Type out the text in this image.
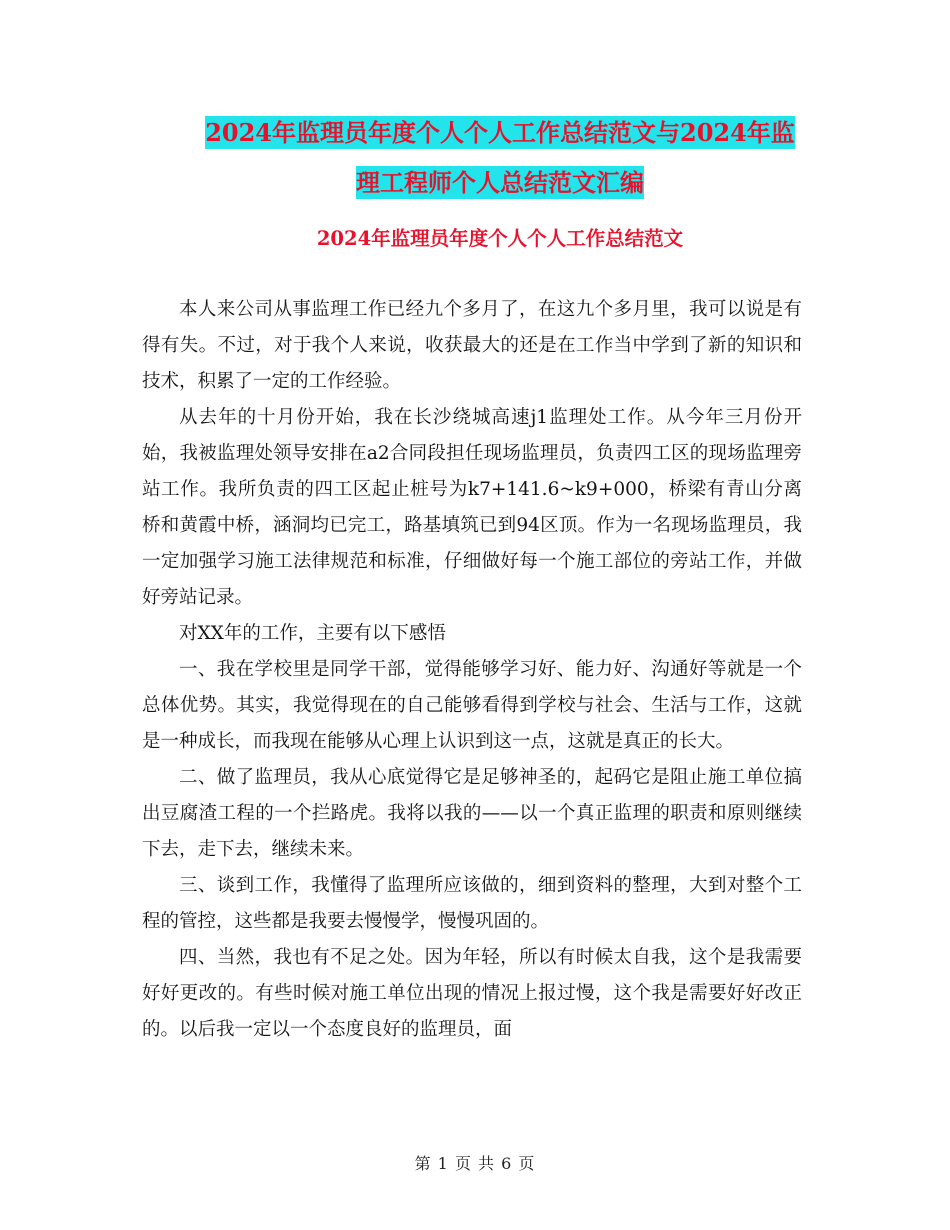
2024年监理员年度个人个人工作总结范文与2024年监
理工程师个人总结范文汇编
2024年监理员年度个人个人工作总结范文

本人来公司从事监理工作已经九个多月了，在这九个多月里，我可以说是有得有失。不过，对于我个人来说，收获最大的还是在工作当中学到了新的知识和技术，积累了一定的工作经验。

从去年的十月份开始，我在长沙绕城高速j1监理处工作。从今年三月份开始，我被监理处领导安排在a2合同段担任现场监理员，负责四工区的现场监理旁站工作。我所负责的四工区起止桩号为k7+141.6~k9+000，桥梁有青山分离桥和黄霞中桥，涵洞均已完工，路基填筑已到94区顶。作为一名现场监理员，我一定加强学习施工法律规范和标准，仔细做好每一个施工部位的旁站工作，并做好旁站记录。

对XX年的工作，主要有以下感悟

一、我在学校里是同学干部，觉得能够学习好、能力好、沟通好等就是一个总体优势。其实，我觉得现在的自己能够看得到学校与社会、生活与工作，这就是一种成长，而我现在能够从心理上认识到这一点，这就是真正的长大。

二、做了监理员，我从心底觉得它是足够神圣的，起码它是阻止施工单位搞出豆腐渣工程的一个拦路虎。我将以我的——以一个真正监理的职责和原则继续下去，走下去，继续未来。

三、谈到工作，我懂得了监理所应该做的，细到资料的整理，大到对整个工程的管控，这些都是我要去慢慢学，慢慢巩固的。

四、当然，我也有不足之处。因为年轻，所以有时候太自我，这个是我需要好好更改的。有些时候对施工单位出现的情况上报过慢，这个我是需要好好改正的。以后我一定以一个态度良好的监理员，面

第 1 页 共 6 页
